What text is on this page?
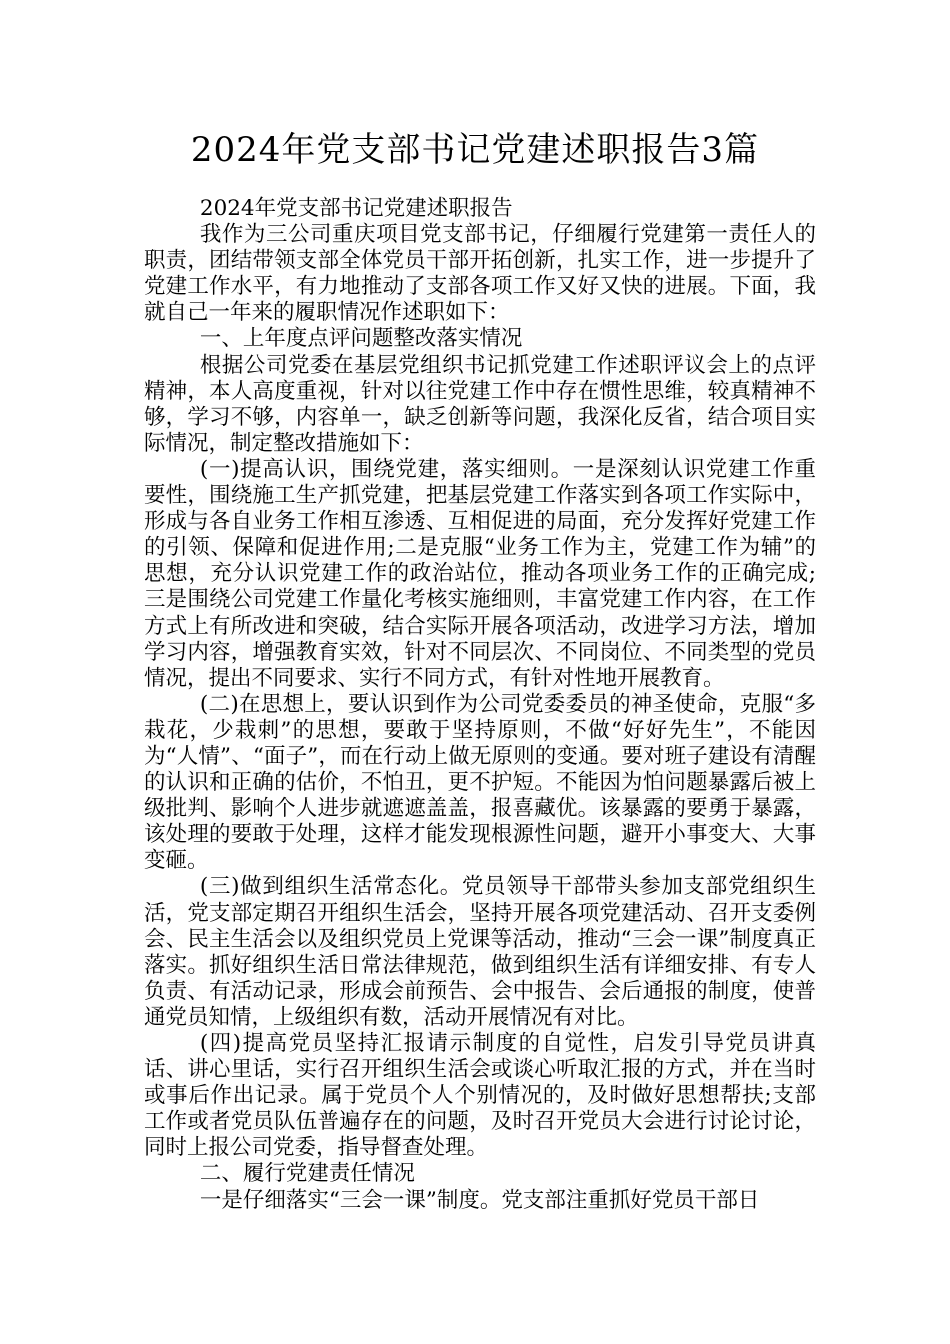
2024年党支部书记党建述职报告3篇

2024年党支部书记党建述职报告

我作为三公司重庆项目党支部书记，仔细履行党建第一责任人的职责，团结带领支部全体党员干部开拓创新，扎实工作，进一步提升了党建工作水平，有力地推动了支部各项工作又好又快的进展。下面，我就自己一年来的履职情况作述职如下：

一、上年度点评问题整改落实情况

根据公司党委在基层党组织书记抓党建工作述职评议会上的点评精神，本人高度重视，针对以往党建工作中存在惯性思维，较真精神不够，学习不够，内容单一，缺乏创新等问题，我深化反省，结合项目实际情况，制定整改措施如下：

(一)提高认识，围绕党建，落实细则。一是深刻认识党建工作重要性，围绕施工生产抓党建，把基层党建工作落实到各项工作实际中，形成与各自业务工作相互渗透、互相促进的局面，充分发挥好党建工作的引领、保障和促进作用;二是克服“业务工作为主，党建工作为辅”的思想，充分认识党建工作的政治站位，推动各项业务工作的正确完成;三是围绕公司党建工作量化考核实施细则，丰富党建工作内容，在工作方式上有所改进和突破，结合实际开展各项活动，改进学习方法，增加学习内容，增强教育实效，针对不同层次、不同岗位、不同类型的党员情况，提出不同要求、实行不同方式，有针对性地开展教育。

(二)在思想上，要认识到作为公司党委委员的神圣使命，克服“多栽花，少栽刺”的思想，要敢于坚持原则，不做“好好先生”，不能因为“人情”、“面子”，而在行动上做无原则的变通。要对班子建设有清醒的认识和正确的估价，不怕丑，更不护短。不能因为怕问题暴露后被上级批判、影响个人进步就遮遮盖盖，报喜藏优。该暴露的要勇于暴露，该处理的要敢于处理，这样才能发现根源性问题，避开小事变大、大事变砸。

(三)做到组织生活常态化。党员领导干部带头参加支部党组织生活，党支部定期召开组织生活会，坚持开展各项党建活动、召开支委例会、民主生活会以及组织党员上党课等活动，推动“三会一课”制度真正落实。抓好组织生活日常法律规范，做到组织生活有详细安排、有专人负责、有活动记录，形成会前预告、会中报告、会后通报的制度，使普通党员知情，上级组织有数，活动开展情况有对比。

(四)提高党员坚持汇报请示制度的自觉性，启发引导党员讲真话、讲心里话，实行召开组织生活会或谈心听取汇报的方式，并在当时或事后作出记录。属于党员个人个别情况的，及时做好思想帮扶;支部工作或者党员队伍普遍存在的问题，及时召开党员大会进行讨论讨论，同时上报公司党委，指导督查处理。

二、履行党建责任情况

一是仔细落实“三会一课”制度。党支部注重抓好党员干部日
